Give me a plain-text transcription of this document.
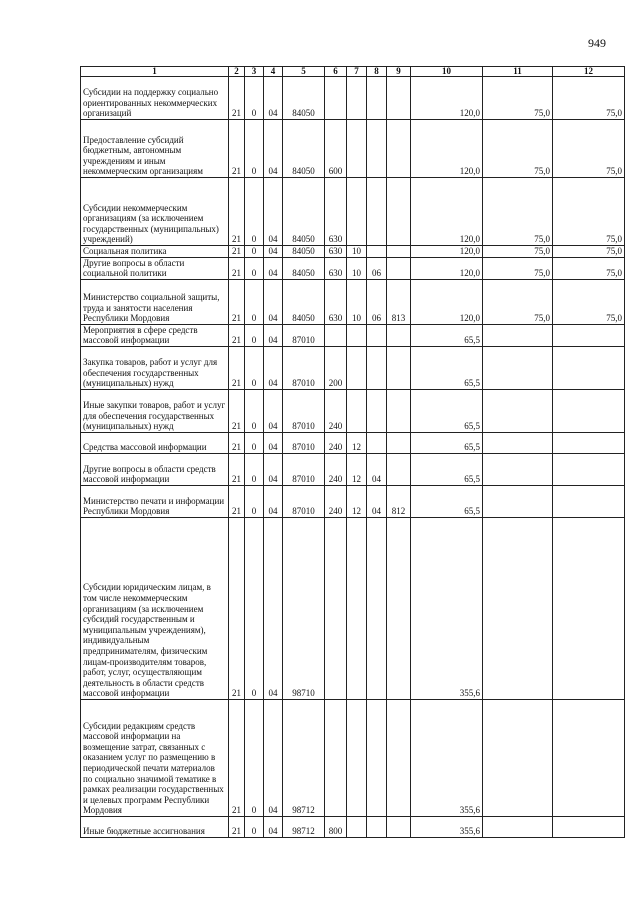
949
1	2	3	4	5	6	7	8	9	10	11	12
Субсидии на поддержку социально ориентированных некоммерческих организаций	21	0	04	84050					120,0	75,0	75,0
Предоставление субсидий бюджетным, автономным учреждениям и иным некоммерческим организациям	21	0	04	84050	600				120,0	75,0	75,0
Субсидии некоммерческим организациям (за исключением государственных (муниципальных) учреждений)	21	0	04	84050	630				120,0	75,0	75,0
Социальная политика	21	0	04	84050	630	10			120,0	75,0	75,0
Другие вопросы в области социальной политики	21	0	04	84050	630	10	06		120,0	75,0	75,0
Министерство социальной защиты, труда и занятости населения Республики Мордовия	21	0	04	84050	630	10	06	813	120,0	75,0	75,0
Мероприятия в сфере средств массовой информации	21	0	04	87010					65,5		
Закупка товаров, работ и услуг для обеспечения государственных (муниципальных) нужд	21	0	04	87010	200				65,5		
Иные закупки товаров, работ и услуг для обеспечения государственных (муниципальных) нужд	21	0	04	87010	240				65,5		
Средства массовой информации	21	0	04	87010	240	12			65,5		
Другие вопросы в области средств массовой информации	21	0	04	87010	240	12	04		65,5		
Министерство печати и информации Республики Мордовия	21	0	04	87010	240	12	04	812	65,5		
Субсидии юридическим лицам, в том числе некоммерческим организациям (за исключением субсидий государственным и муниципальным учреждениям), индивидуальным предпринимателям, физическим лицам-производителям товаров, работ, услуг, осуществляющим деятельность в области средств массовой информации	21	0	04	98710					355,6		
Субсидии редакциям средств массовой информации на возмещение затрат, связанных с оказанием услуг по размещению в периодической печати материалов по социально значимой тематике в рамках реализации государственных и целевых программ Республики Мордовия	21	0	04	98712					355,6		
Иные бюджетные ассигнования	21	0	04	98712	800				355,6		
